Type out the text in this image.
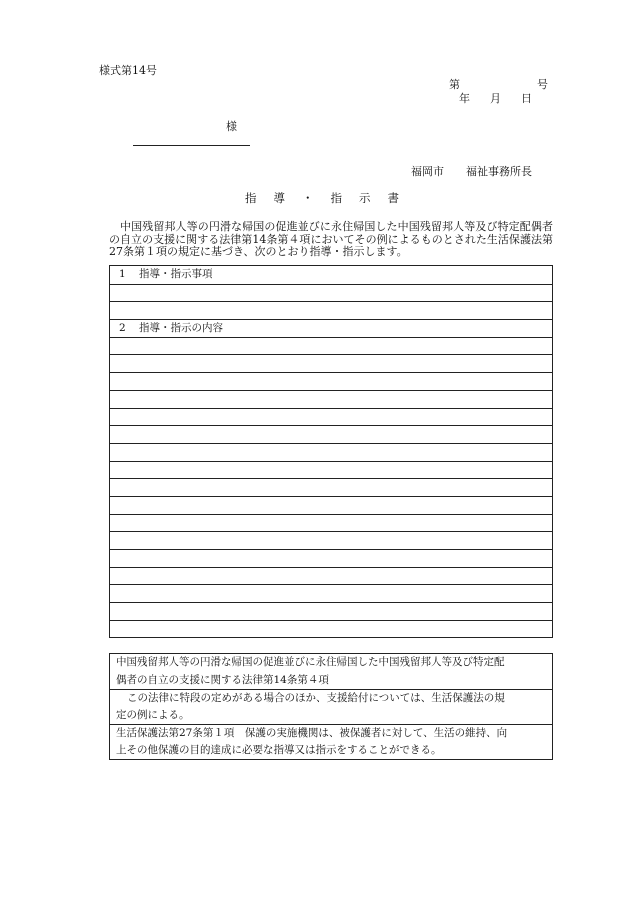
様式第14号
第	号
年 月 日
様
福岡市 福祉事務所長
指導・指示書
中国残留邦人等の円滑な帰国の促進並びに永住帰国した中国残留邦人等及び特定配偶者の自立の支援に関する法律第14条第４項においてその例によるものとされた生活保護法第27条第１項の規定に基づき、次のとおり指導・指示します。
1 指導・指示事項
2 指導・指示の内容
中国残留邦人等の円滑な帰国の促進並びに永住帰国した中国残留邦人等及び特定配
偶者の自立の支援に関する法律第14条第４項
この法律に特段の定めがある場合のほか、支援給付については、生活保護法の規
定の例による。
生活保護法第27条第１項　保護の実施機関は、被保護者に対して、生活の維持、向
上その他保護の目的達成に必要な指導又は指示をすることができる。
